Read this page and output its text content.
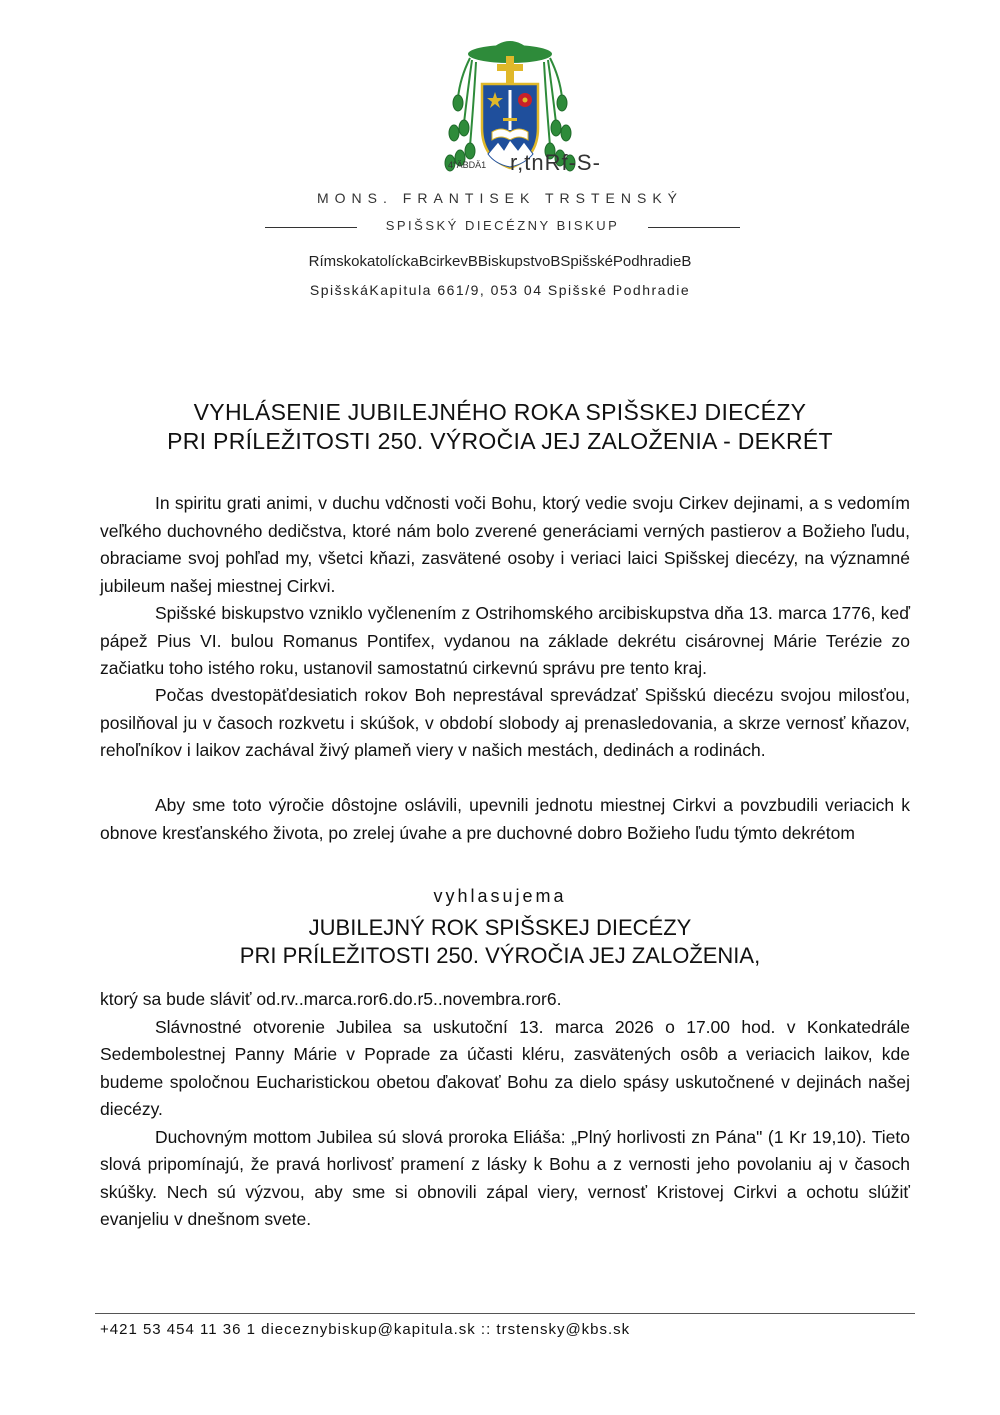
4°ÄBDÄ1 r,tnRf-S-
MONS. FRANTISEK TRSTENSKÝ
SPIŠSKÝ DIECÉZNY BISKUP
RímskokatolíckaBcirkevBBiskupstvoBSpišskéPodhradieB
SpišskáKapitula 661/9, 053 04 Spišské Podhradie
VYHLÁSENIE JUBILEJNÉHO ROKA SPIŠSKEJ DIECÉZY
PRI PRÍLEŽITOSTI 250. VÝROČIA JEJ ZALOŽENIA - DEKRÉT

In spiritu grati animi, v duchu vdčnosti voči Bohu, ktorý vedie svoju Cirkev dejinami, a s vedomím veľkého duchovného dedičstva, ktoré nám bolo zverené generáciami verných pastierov a Božieho ľudu, obraciame svoj pohľad my, všetci kňazi, zasvätené osoby i veriaci laici Spišskej diecézy, na významné jubileum našej miestnej Cirkvi.

Spišské biskupstvo vzniklo vyčlenením z Ostrihomského arcibiskupstva dňa 13. marca 1776, keď pápež Pius VI. bulou Romanus Pontifex, vydanou na základe dekrétu cisárovnej Márie Terézie zo začiatku toho istého roku, ustanovil samostatnú cirkevnú správu pre tento kraj.

Počas dvestopäťdesiatich rokov Boh neprestával sprevádzať Spišskú diecézu svojou milosťou, posilňoval ju v časoch rozkvetu i skúšok, v období slobody aj prenasledovania, a skrze vernosť kňazov, rehoľníkov i laikov zachával živý plameň viery v našich mestách, dedinách a rodinách.

Aby sme toto výročie dôstojne oslávili, upevnili jednotu miestnej Cirkvi a povzbudili veriacich k obnove kresťanského života, po zrelej úvahe a pre duchovné dobro Božieho ľudu týmto dekrétom

vyhlasujemа
JUBILEJNÝ ROK SPIŠSKEJ DIECÉZY
PRI PRÍLEŽITOSTI 250. VÝROČIA JEJ ZALOŽENIA,

ktorý sa bude sláviť od.rv..marca.ror6.do.r5..novembra.ror6.

Slávnostné otvorenie Jubilea sa uskutoční 13. marca 2026 o 17.00 hod. v Konkatedrále Sedembolestnej Panny Márie v Poprade za účasti kléru, zasvätených osôb a veriacich laikov, kde budeme spoločnou Eucharistickou obetou ďakovať Bohu za dielo spásy uskutočnené v dejinách našej diecézy.

Duchovným mottom Jubilea sú slová proroka Eliáša: „Plný horlivosti zn Pána" (1 Kr 19,10). Tieto slová pripomínajú, že pravá horlivosť pramení z lásky k Bohu a z vernosti jeho povolaniu aj v časoch skúšky. Nech sú výzvou, aby sme si obnovili zápal viery, vernosť Kristovej Cirkvi a ochotu slúžiť evanjeliu v dnešnom svete.

+421 53 454 11 36 1 dieceznybiskup@kapitula.sk :: trstensky@kbs.sk
